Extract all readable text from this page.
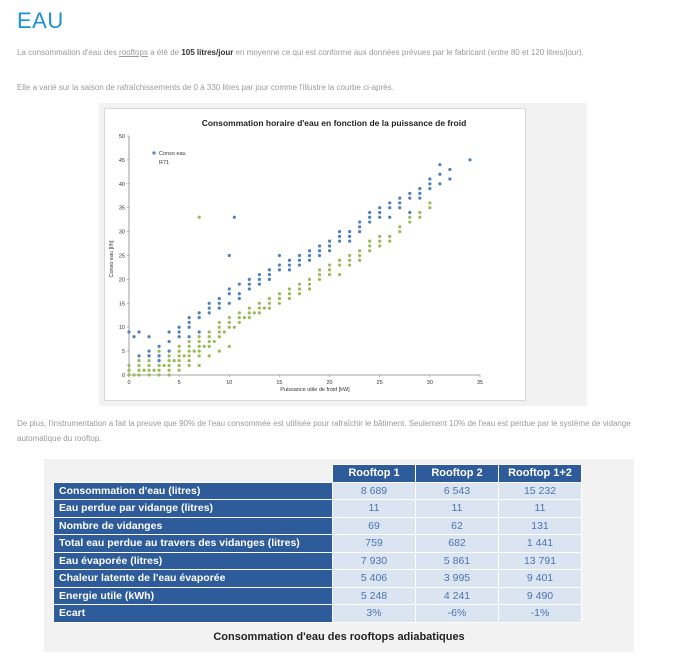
EAU

La consommation d'eau des rooftops a été de 105 litres/jour en moyenne ce qui est conforme aux données prévues par le fabricant (entre 80 et 120 litres/jour).

Elle a varié sur la saison de rafraîchissements de 0 à 330 litres par jour comme l'illustre la courbe ci-après.

Consommation horaire d'eau en fonction de la puissance de froid
Puissance utile de froid [kW]
Conso eau [l/h]
0	5	10	15	20	25	30	35
0
5
10
15
20
25
30
35
40
45
50
Conso eau
R71

De plus, l'instrumentation a fait la preuve que 90% de l'eau consommée est utilisée pour rafraîchir le bâtiment. Seulement 10% de l'eau est perdue par le système de vidange automatique du rooftop.

	Rooftop 1	Rooftop 2	Rooftop 1+2
Consommation d'eau (litres)	8 689	6 543	15 232
Eau perdue par vidange (litres)	11	11	11
Nombre de vidanges	69	62	131
Total eau perdue au travers des vidanges (litres)	759	682	1 441
Eau évaporée (litres)	7 930	5 861	13 791
Chaleur latente de l'eau évaporée	5 406	3 995	9 401
Energie utile (kWh)	5 248	4 241	9 490
Ecart	3%	-6%	-1%
Consommation d'eau des rooftops adiabatiques
